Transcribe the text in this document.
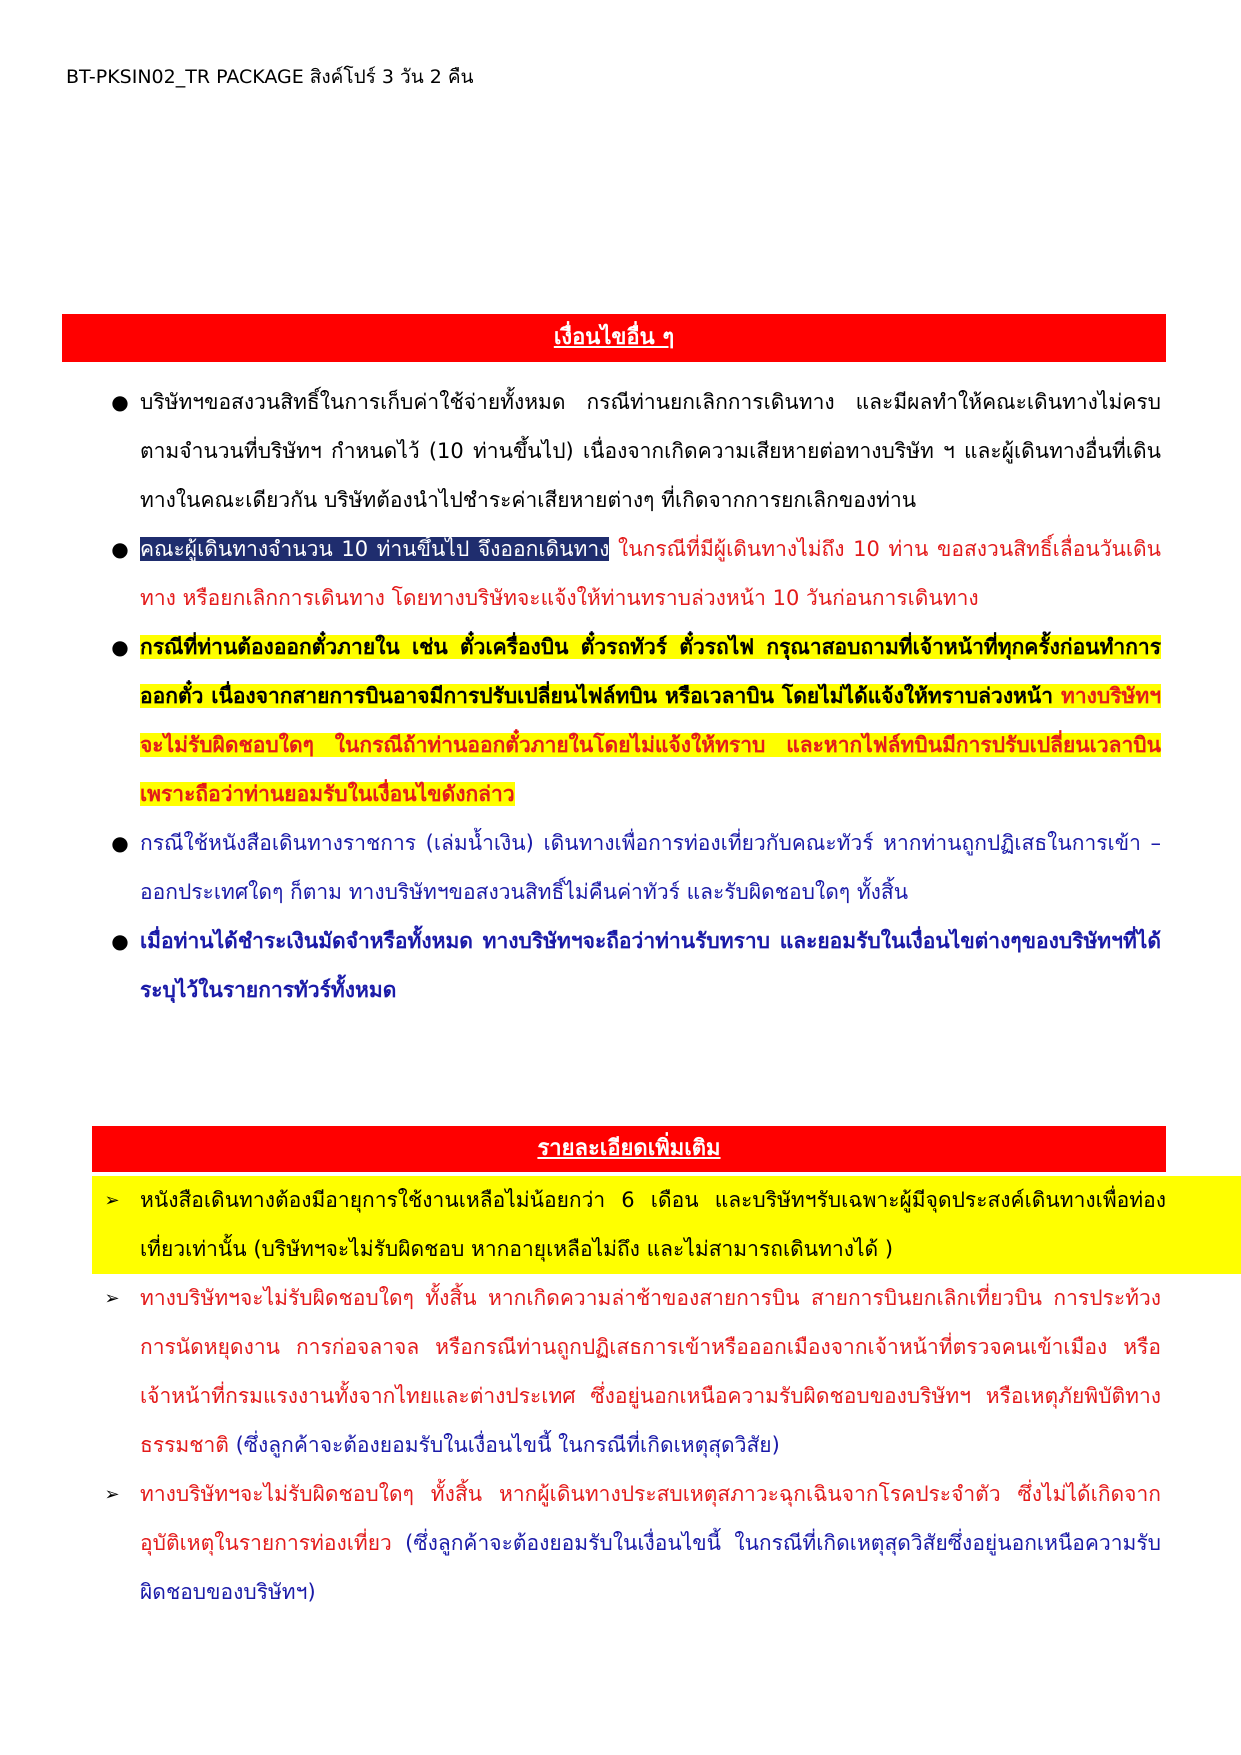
BT-PKSIN02_TR PACKAGE สิงค์โปร์ 3 วัน 2 คืน
เงื่อนไขอื่น ๆ
● บริษัทฯขอสงวนสิทธิ์ในการเก็บค่าใช้จ่ายทั้งหมด กรณีท่านยกเลิกการเดินทาง และมีผลทำให้คณะเดินทางไม่ครบตามจำนวนที่บริษัทฯ กำหนดไว้ (10 ท่านขึ้นไป) เนื่องจากเกิดความเสียหายต่อทางบริษัท ฯ และผู้เดินทางอื่นที่เดินทางในคณะเดียวกัน บริษัทต้องนำไปชำระค่าเสียหายต่างๆ ที่เกิดจากการยกเลิกของท่าน
● คณะผู้เดินทางจำนวน 10 ท่านขึ้นไป จึงออกเดินทาง ในกรณีที่มีผู้เดินทางไม่ถึง 10 ท่าน ขอสงวนสิทธิ์เลื่อนวันเดินทาง หรือยกเลิกการเดินทาง โดยทางบริษัทจะแจ้งให้ท่านทราบล่วงหน้า 10 วันก่อนการเดินทาง
● กรณีที่ท่านต้องออกตั๋วภายใน เช่น ตั๋วเครื่องบิน ตั๋วรถทัวร์ ตั๋วรถไฟ กรุณาสอบถามที่เจ้าหน้าที่ทุกครั้งก่อนทำการออกตั๋ว เนื่องจากสายการบินอาจมีการปรับเปลี่ยนไฟล์ทบิน หรือเวลาบิน โดยไม่ได้แจ้งให้ทราบล่วงหน้า ทางบริษัทฯจะไม่รับผิดชอบใดๆ ในกรณีถ้าท่านออกตั๋วภายในโดยไม่แจ้งให้ทราบ และหากไฟล์ทบินมีการปรับเปลี่ยนเวลาบิน เพราะถือว่าท่านยอมรับในเงื่อนไขดังกล่าว
● กรณีใช้หนังสือเดินทางราชการ (เล่มน้ำเงิน) เดินทางเพื่อการท่องเที่ยวกับคณะทัวร์ หากท่านถูกปฏิเสธในการเข้า – ออกประเทศใดๆ ก็ตาม ทางบริษัทฯขอสงวนสิทธิ์ไม่คืนค่าทัวร์ และรับผิดชอบใดๆ ทั้งสิ้น
● เมื่อท่านได้ชำระเงินมัดจำหรือทั้งหมด ทางบริษัทฯจะถือว่าท่านรับทราบ และยอมรับในเงื่อนไขต่างๆของบริษัทฯที่ได้ระบุไว้ในรายการทัวร์ทั้งหมด
รายละเอียดเพิ่มเติม
➢ หนังสือเดินทางต้องมีอายุการใช้งานเหลือไม่น้อยกว่า 6 เดือน และบริษัทฯรับเฉพาะผู้มีจุดประสงค์เดินทางเพื่อท่องเที่ยวเท่านั้น (บริษัทฯจะไม่รับผิดชอบ หากอายุเหลือไม่ถึง และไม่สามารถเดินทางได้ )
➢ ทางบริษัทฯจะไม่รับผิดชอบใดๆ ทั้งสิ้น หากเกิดความล่าช้าของสายการบิน สายการบินยกเลิกเที่ยวบิน การประท้วง การนัดหยุดงาน การก่อจลาจล หรือกรณีท่านถูกปฏิเสธการเข้าหรือออกเมืองจากเจ้าหน้าที่ตรวจคนเข้าเมือง หรือเจ้าหน้าที่กรมแรงงานทั้งจากไทยและต่างประเทศ ซึ่งอยู่นอกเหนือความรับผิดชอบของบริษัทฯ หรือเหตุภัยพิบัติทางธรรมชาติ (ซึ่งลูกค้าจะต้องยอมรับในเงื่อนไขนี้ ในกรณีที่เกิดเหตุสุดวิสัย)
➢ ทางบริษัทฯจะไม่รับผิดชอบใดๆ ทั้งสิ้น หากผู้เดินทางประสบเหตุสภาวะฉุกเฉินจากโรคประจำตัว ซึ่งไม่ได้เกิดจากอุบัติเหตุในรายการท่องเที่ยว (ซึ่งลูกค้าจะต้องยอมรับในเงื่อนไขนี้ ในกรณีที่เกิดเหตุสุดวิสัยซึ่งอยู่นอกเหนือความรับผิดชอบของบริษัทฯ)
